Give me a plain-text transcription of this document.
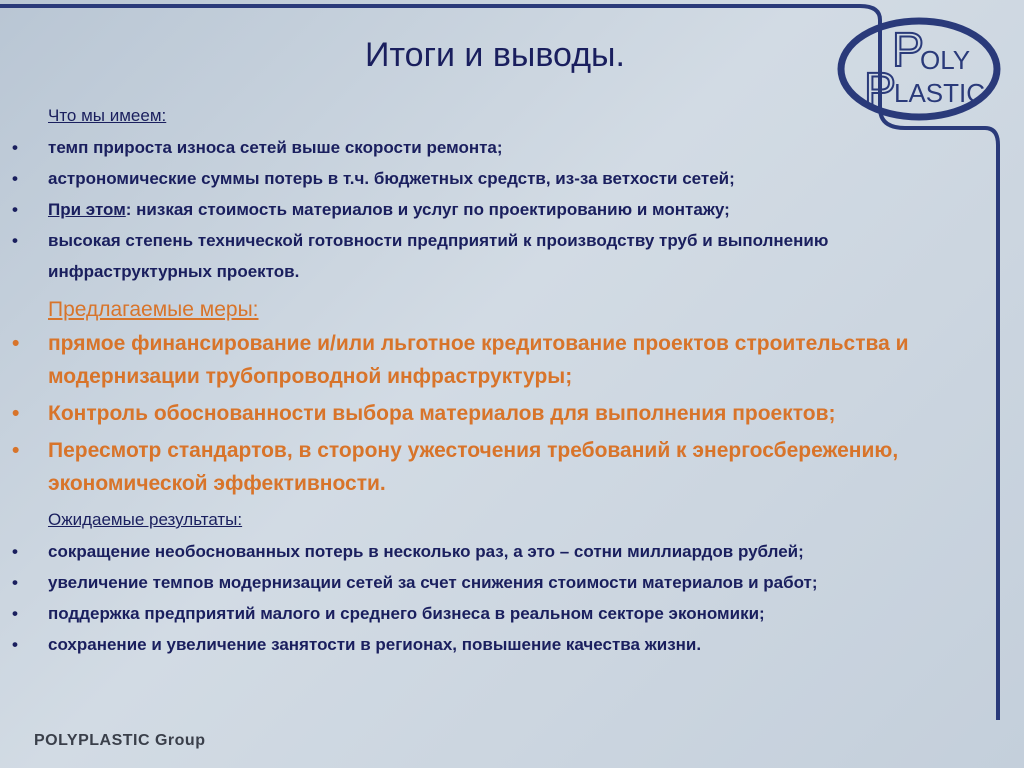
P
P
OLY
LASTIC
Итоги и выводы.
Что мы имеем:
•	темп прироста износа сетей выше скорости ремонта;
•	астрономические суммы потерь в т.ч. бюджетных средств, из-за ветхости сетей;
•	При этом: низкая стоимость материалов и услуг по проектированию и монтажу;
•	высокая степень технической готовности предприятий к производству труб и выполнению инфраструктурных проектов.
Предлагаемые меры:
•	прямое финансирование и/или льготное кредитование проектов строительства и модернизации трубопроводной инфраструктуры;
•	Контроль обоснованности выбора материалов для выполнения проектов;
•	Пересмотр стандартов, в сторону ужесточения требований к энергосбережению, экономической эффективности.
Ожидаемые результаты:
•	сокращение необоснованных потерь в несколько раз, а это – сотни миллиардов рублей;
•	увеличение темпов модернизации сетей за счет снижения стоимости материалов и работ;
•	поддержка предприятий малого и среднего бизнеса в реальном секторе экономики;
•	сохранение и увеличение занятости в регионах, повышение качества жизни.
POLYPLASTIC Group
